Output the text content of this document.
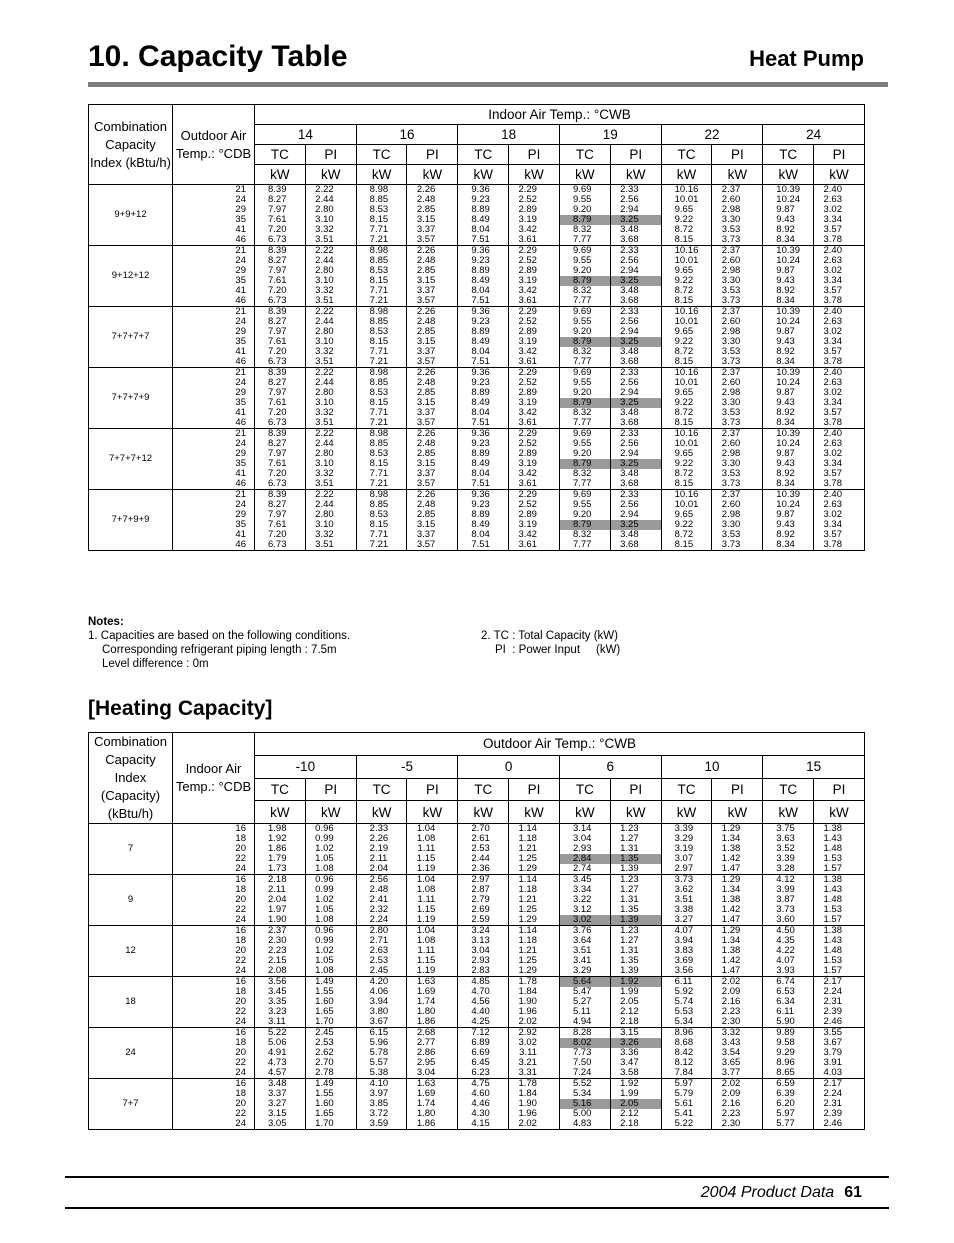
10. Capacity Table	Heat Pump
Combination Capacity Index (kBtu/h)	Outdoor Air Temp.: °CDB	Indoor Air Temp.: °CWB											
		14		16		18		19		22		24	
		TC	PI	TC	PI	TC	PI	TC	PI	TC	PI	TC	PI
		kW	kW	kW	kW	kW	kW	kW	kW	kW	kW	kW	kW
9+9+12	21	8.39	2.22	8.98	2.26	9.36	2.29	9.69	2.33	10.16	2.37	10.39	2.40
	24	8.27	2.44	8.85	2.48	9.23	2.52	9.55	2.56	10.01	2.60	10.24	2.63
	29	7.97	2.80	8.53	2.85	8.89	2.89	9.20	2.94	9.65	2.98	9.87	3.02
	35	7.61	3.10	8.15	3.15	8.49	3.19	8.79	3.25	9.22	3.30	9.43	3.34
	41	7.20	3.32	7.71	3.37	8.04	3.42	8.32	3.48	8.72	3.53	8.92	3.57
	46	6.73	3.51	7.21	3.57	7.51	3.61	7.77	3.68	8.15	3.73	8.34	3.78
9+12+12	21	8.39	2.22	8.98	2.26	9.36	2.29	9.69	2.33	10.16	2.37	10.39	2.40
	24	8.27	2.44	8.85	2.48	9.23	2.52	9.55	2.56	10.01	2.60	10.24	2.63
	29	7.97	2.80	8.53	2.85	8.89	2.89	9.20	2.94	9.65	2.98	9.87	3.02
	35	7.61	3.10	8.15	3.15	8.49	3.19	8.79	3.25	9.22	3.30	9.43	3.34
	41	7.20	3.32	7.71	3.37	8.04	3.42	8.32	3.48	8.72	3.53	8.92	3.57
	46	6.73	3.51	7.21	3.57	7.51	3.61	7.77	3.68	8.15	3.73	8.34	3.78
7+7+7+7	21	8.39	2.22	8.98	2.26	9.36	2.29	9.69	2.33	10.16	2.37	10.39	2.40
	24	8.27	2.44	8.85	2.48	9.23	2.52	9.55	2.56	10.01	2.60	10.24	2.63
	29	7.97	2.80	8.53	2.85	8.89	2.89	9.20	2.94	9.65	2.98	9.87	3.02
	35	7.61	3.10	8.15	3.15	8.49	3.19	8.79	3.25	9.22	3.30	9.43	3.34
	41	7.20	3.32	7.71	3.37	8.04	3.42	8.32	3.48	8.72	3.53	8.92	3.57
	46	6.73	3.51	7.21	3.57	7.51	3.61	7.77	3.68	8.15	3.73	8.34	3.78
7+7+7+9	21	8.39	2.22	8.98	2.26	9.36	2.29	9.69	2.33	10.16	2.37	10.39	2.40
	24	8.27	2.44	8.85	2.48	9.23	2.52	9.55	2.56	10.01	2.60	10.24	2.63
	29	7.97	2.80	8.53	2.85	8.89	2.89	9.20	2.94	9.65	2.98	9.87	3.02
	35	7.61	3.10	8.15	3.15	8.49	3.19	8.79	3.25	9.22	3.30	9.43	3.34
	41	7.20	3.32	7.71	3.37	8.04	3.42	8.32	3.48	8.72	3.53	8.92	3.57
	46	6.73	3.51	7.21	3.57	7.51	3.61	7.77	3.68	8.15	3.73	8.34	3.78
7+7+7+12	21	8.39	2.22	8.98	2.26	9.36	2.29	9.69	2.33	10.16	2.37	10.39	2.40
	24	8.27	2.44	8.85	2.48	9.23	2.52	9.55	2.56	10.01	2.60	10.24	2.63
	29	7.97	2.80	8.53	2.85	8.89	2.89	9.20	2.94	9.65	2.98	9.87	3.02
	35	7.61	3.10	8.15	3.15	8.49	3.19	8.79	3.25	9.22	3.30	9.43	3.34
	41	7.20	3.32	7.71	3.37	8.04	3.42	8.32	3.48	8.72	3.53	8.92	3.57
	46	6.73	3.51	7.21	3.57	7.51	3.61	7.77	3.68	8.15	3.73	8.34	3.78
7+7+9+9	21	8.39	2.22	8.98	2.26	9.36	2.29	9.69	2.33	10.16	2.37	10.39	2.40
	24	8.27	2.44	8.85	2.48	9.23	2.52	9.55	2.56	10.01	2.60	10.24	2.63
	29	7.97	2.80	8.53	2.85	8.89	2.89	9.20	2.94	9.65	2.98	9.87	3.02
	35	7.61	3.10	8.15	3.15	8.49	3.19	8.79	3.25	9.22	3.30	9.43	3.34
	41	7.20	3.32	7.71	3.37	8.04	3.42	8.32	3.48	8.72	3.53	8.92	3.57
	46	6.73	3.51	7.21	3.57	7.51	3.61	7.77	3.68	8.15	3.73	8.34	3.78
Notes:
1. Capacities are based on the following conditions.
Corresponding refrigerant piping length : 7.5m
Level difference : 0m
2. TC : Total Capacity (kW)
PI  : Power Input     (kW)
[Heating Capacity]
Combination Capacity Index (Capacity) (kBtu/h)	Indoor Air Temp.: °CDB	Outdoor Air Temp.: °CWB											
		-10		-5		0		6		10		15	
		TC	PI	TC	PI	TC	PI	TC	PI	TC	PI	TC	PI
		kW	kW	kW	kW	kW	kW	kW	kW	kW	kW	kW	kW
7	16	1.98	0.96	2.33	1.04	2.70	1.14	3.14	1.23	3.39	1.29	3.75	1.38
	18	1.92	0.99	2.26	1.08	2.61	1.18	3.04	1.27	3.29	1.34	3.63	1.43
	20	1.86	1.02	2.19	1.11	2.53	1.21	2.93	1.31	3.19	1.38	3.52	1.48
	22	1.79	1.05	2.11	1.15	2.44	1.25	2.84	1.35	3.07	1.42	3.39	1.53
	24	1.73	1.08	2.04	1.19	2.36	1.29	2.74	1.39	2.97	1.47	3.28	1.57
9	16	2.18	0.96	2.56	1.04	2.97	1.14	3.45	1.23	3.73	1.29	4.12	1.38
	18	2.11	0.99	2.48	1.08	2.87	1.18	3.34	1.27	3.62	1.34	3.99	1.43
	20	2.04	1.02	2.41	1.11	2.79	1.21	3.22	1.31	3.51	1.38	3.87	1.48
	22	1.97	1.05	2.32	1.15	2.69	1.25	3.12	1.35	3.38	1.42	3.73	1.53
	24	1.90	1.08	2.24	1.19	2.59	1.29	3.02	1.39	3.27	1.47	3.60	1.57
12	16	2.37	0.96	2.80	1.04	3.24	1.14	3.76	1.23	4.07	1.29	4.50	1.38
	18	2.30	0.99	2.71	1.08	3.13	1.18	3.64	1.27	3.94	1.34	4.35	1.43
	20	2.23	1.02	2.63	1.11	3.04	1.21	3.51	1.31	3.83	1.38	4.22	1.48
	22	2.15	1.05	2.53	1.15	2.93	1.25	3.41	1.35	3.69	1.42	4.07	1.53
	24	2.08	1.08	2.45	1.19	2.83	1.29	3.29	1.39	3.56	1.47	3.93	1.57
18	16	3.56	1.49	4.20	1.63	4.85	1.78	5.64	1.92	6.11	2.02	6.74	2.17
	18	3.45	1.55	4.06	1.69	4.70	1.84	5.47	1.99	5.92	2.09	6.53	2.24
	20	3.35	1.60	3.94	1.74	4.56	1.90	5.27	2.05	5.74	2.16	6.34	2.31
	22	3.23	1.65	3.80	1.80	4.40	1.96	5.11	2.12	5.53	2.23	6.11	2.39
	24	3.11	1.70	3.67	1.86	4.25	2.02	4.94	2.18	5.34	2.30	5.90	2.46
24	16	5.22	2.45	6.15	2.68	7.12	2.92	8.28	3.15	8.96	3.32	9.89	3.55
	18	5.06	2.53	5.96	2.77	6.89	3.02	8.02	3.26	8.68	3.43	9.58	3.67
	20	4.91	2.62	5.78	2.86	6.69	3.11	7.73	3.36	8.42	3.54	9.29	3.79
	22	4.73	2.70	5.57	2.95	6.45	3.21	7.50	3.47	8.12	3.65	8.96	3.91
	24	4.57	2.78	5.38	3.04	6.23	3.31	7.24	3.58	7.84	3.77	8.65	4.03
7+7	16	3.48	1.49	4.10	1.63	4.75	1.78	5.52	1.92	5.97	2.02	6.59	2.17
	18	3.37	1.55	3.97	1.69	4.60	1.84	5.34	1.99	5.79	2.09	6.39	2.24
	20	3.27	1.60	3.85	1.74	4.46	1.90	5.16	2.05	5.61	2.16	6.20	2.31
	22	3.15	1.65	3.72	1.80	4.30	1.96	5.00	2.12	5.41	2.23	5.97	2.39
	24	3.05	1.70	3.59	1.86	4.15	2.02	4.83	2.18	5.22	2.30	5.77	2.46
2004 Product Data 61
